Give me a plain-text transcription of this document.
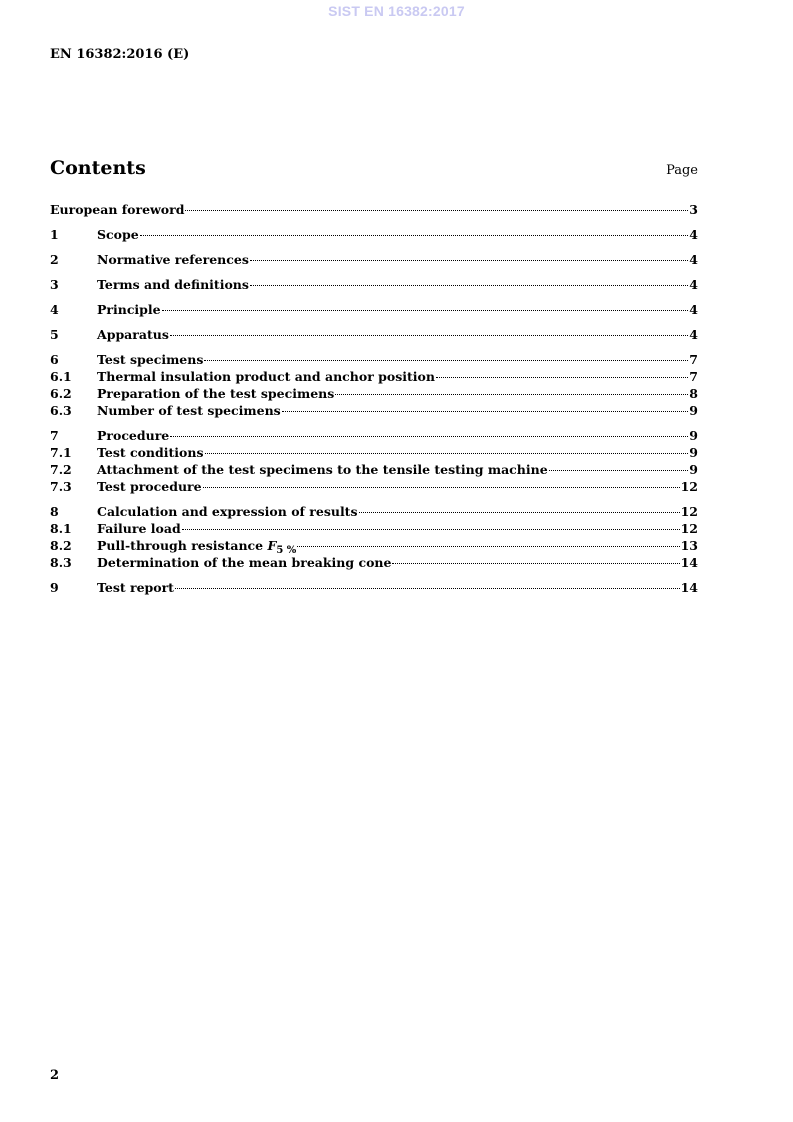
SIST EN 16382:2017
EN 16382:2016 (E)
Contents	Page
European foreword	3
1	Scope	4
2	Normative references	4
3	Terms and definitions	4
4	Principle	4
5	Apparatus	4
6	Test specimens	7
6.1	Thermal insulation product and anchor position	7
6.2	Preparation of the test specimens	8
6.3	Number of test specimens	9
7	Procedure	9
7.1	Test conditions	9
7.2	Attachment of the test specimens to the tensile testing machine	9
7.3	Test procedure	12
8	Calculation and expression of results	12
8.1	Failure load	12
8.2	Pull-through resistance $F_{5 \%}$	13
8.3	Determination of the mean breaking cone	14
9	Test report	14
2
